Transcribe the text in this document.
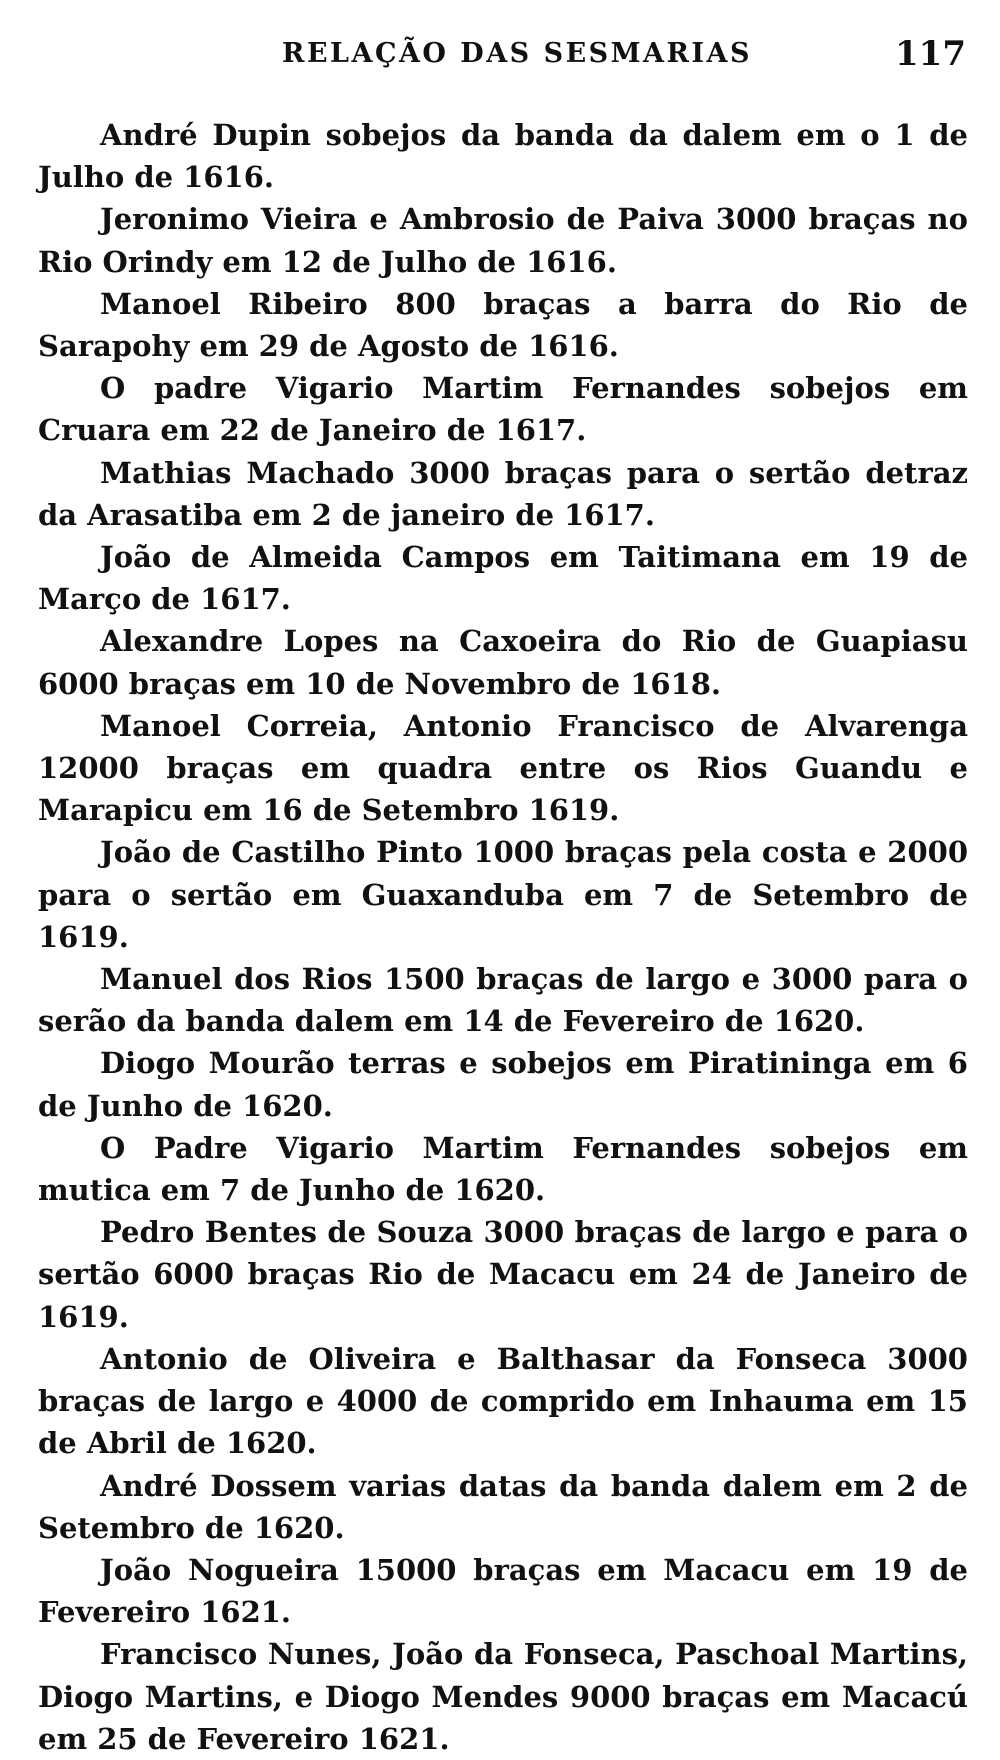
RELAÇÃO DAS SESMARIAS	117

André Dupin sobejos da banda da dalem em o 1 de Julho de 1616.

Jeronimo Vieira e Ambrosio de Paiva 3000 braças no Rio Orindy em 12 de Julho de 1616.

Manoel Ribeiro 800 braças a barra do Rio de Sarapohy em 29 de Agosto de 1616.

O padre Vigario Martim Fernandes sobejos em Cruara em 22 de Janeiro de 1617.

Mathias Machado 3000 braças para o sertão detraz da Arasatiba em 2 de janeiro de 1617.

João de Almeida Campos em Taitimana em 19 de Março de 1617.

Alexandre Lopes na Caxoeira do Rio de Guapiasu 6000 braças em 10 de Novembro de 1618.

Manoel Correia, Antonio Francisco de Alvarenga 12000 braças em quadra entre os Rios Guandu e Marapicu em 16 de Setembro 1619.

João de Castilho Pinto 1000 braças pela costa e 2000 para o sertão em Guaxanduba em 7 de Setembro de 1619.

Manuel dos Rios 1500 braças de largo e 3000 para o serão da banda dalem em 14 de Fevereiro de 1620.

Diogo Mourão terras e sobejos em Piratininga em 6 de Junho de 1620.

O Padre Vigario Martim Fernandes sobejos em mutica em 7 de Junho de 1620.

Pedro Bentes de Souza 3000 braças de largo e para o sertão 6000 braças Rio de Macacu em 24 de Janeiro de 1619.

Antonio de Oliveira e Balthasar da Fonseca 3000 braças de largo e 4000 de comprido em Inhauma em 15 de Abril de 1620.

André Dossem varias datas da banda dalem em 2 de Setembro de 1620.

João Nogueira 15000 braças em Macacu em 19 de Fevereiro 1621.

Francisco Nunes, João da Fonseca, Paschoal Martins, Diogo Martins, e Diogo Mendes 9000 braças em Macacú em 25 de Fevereiro 1621.
